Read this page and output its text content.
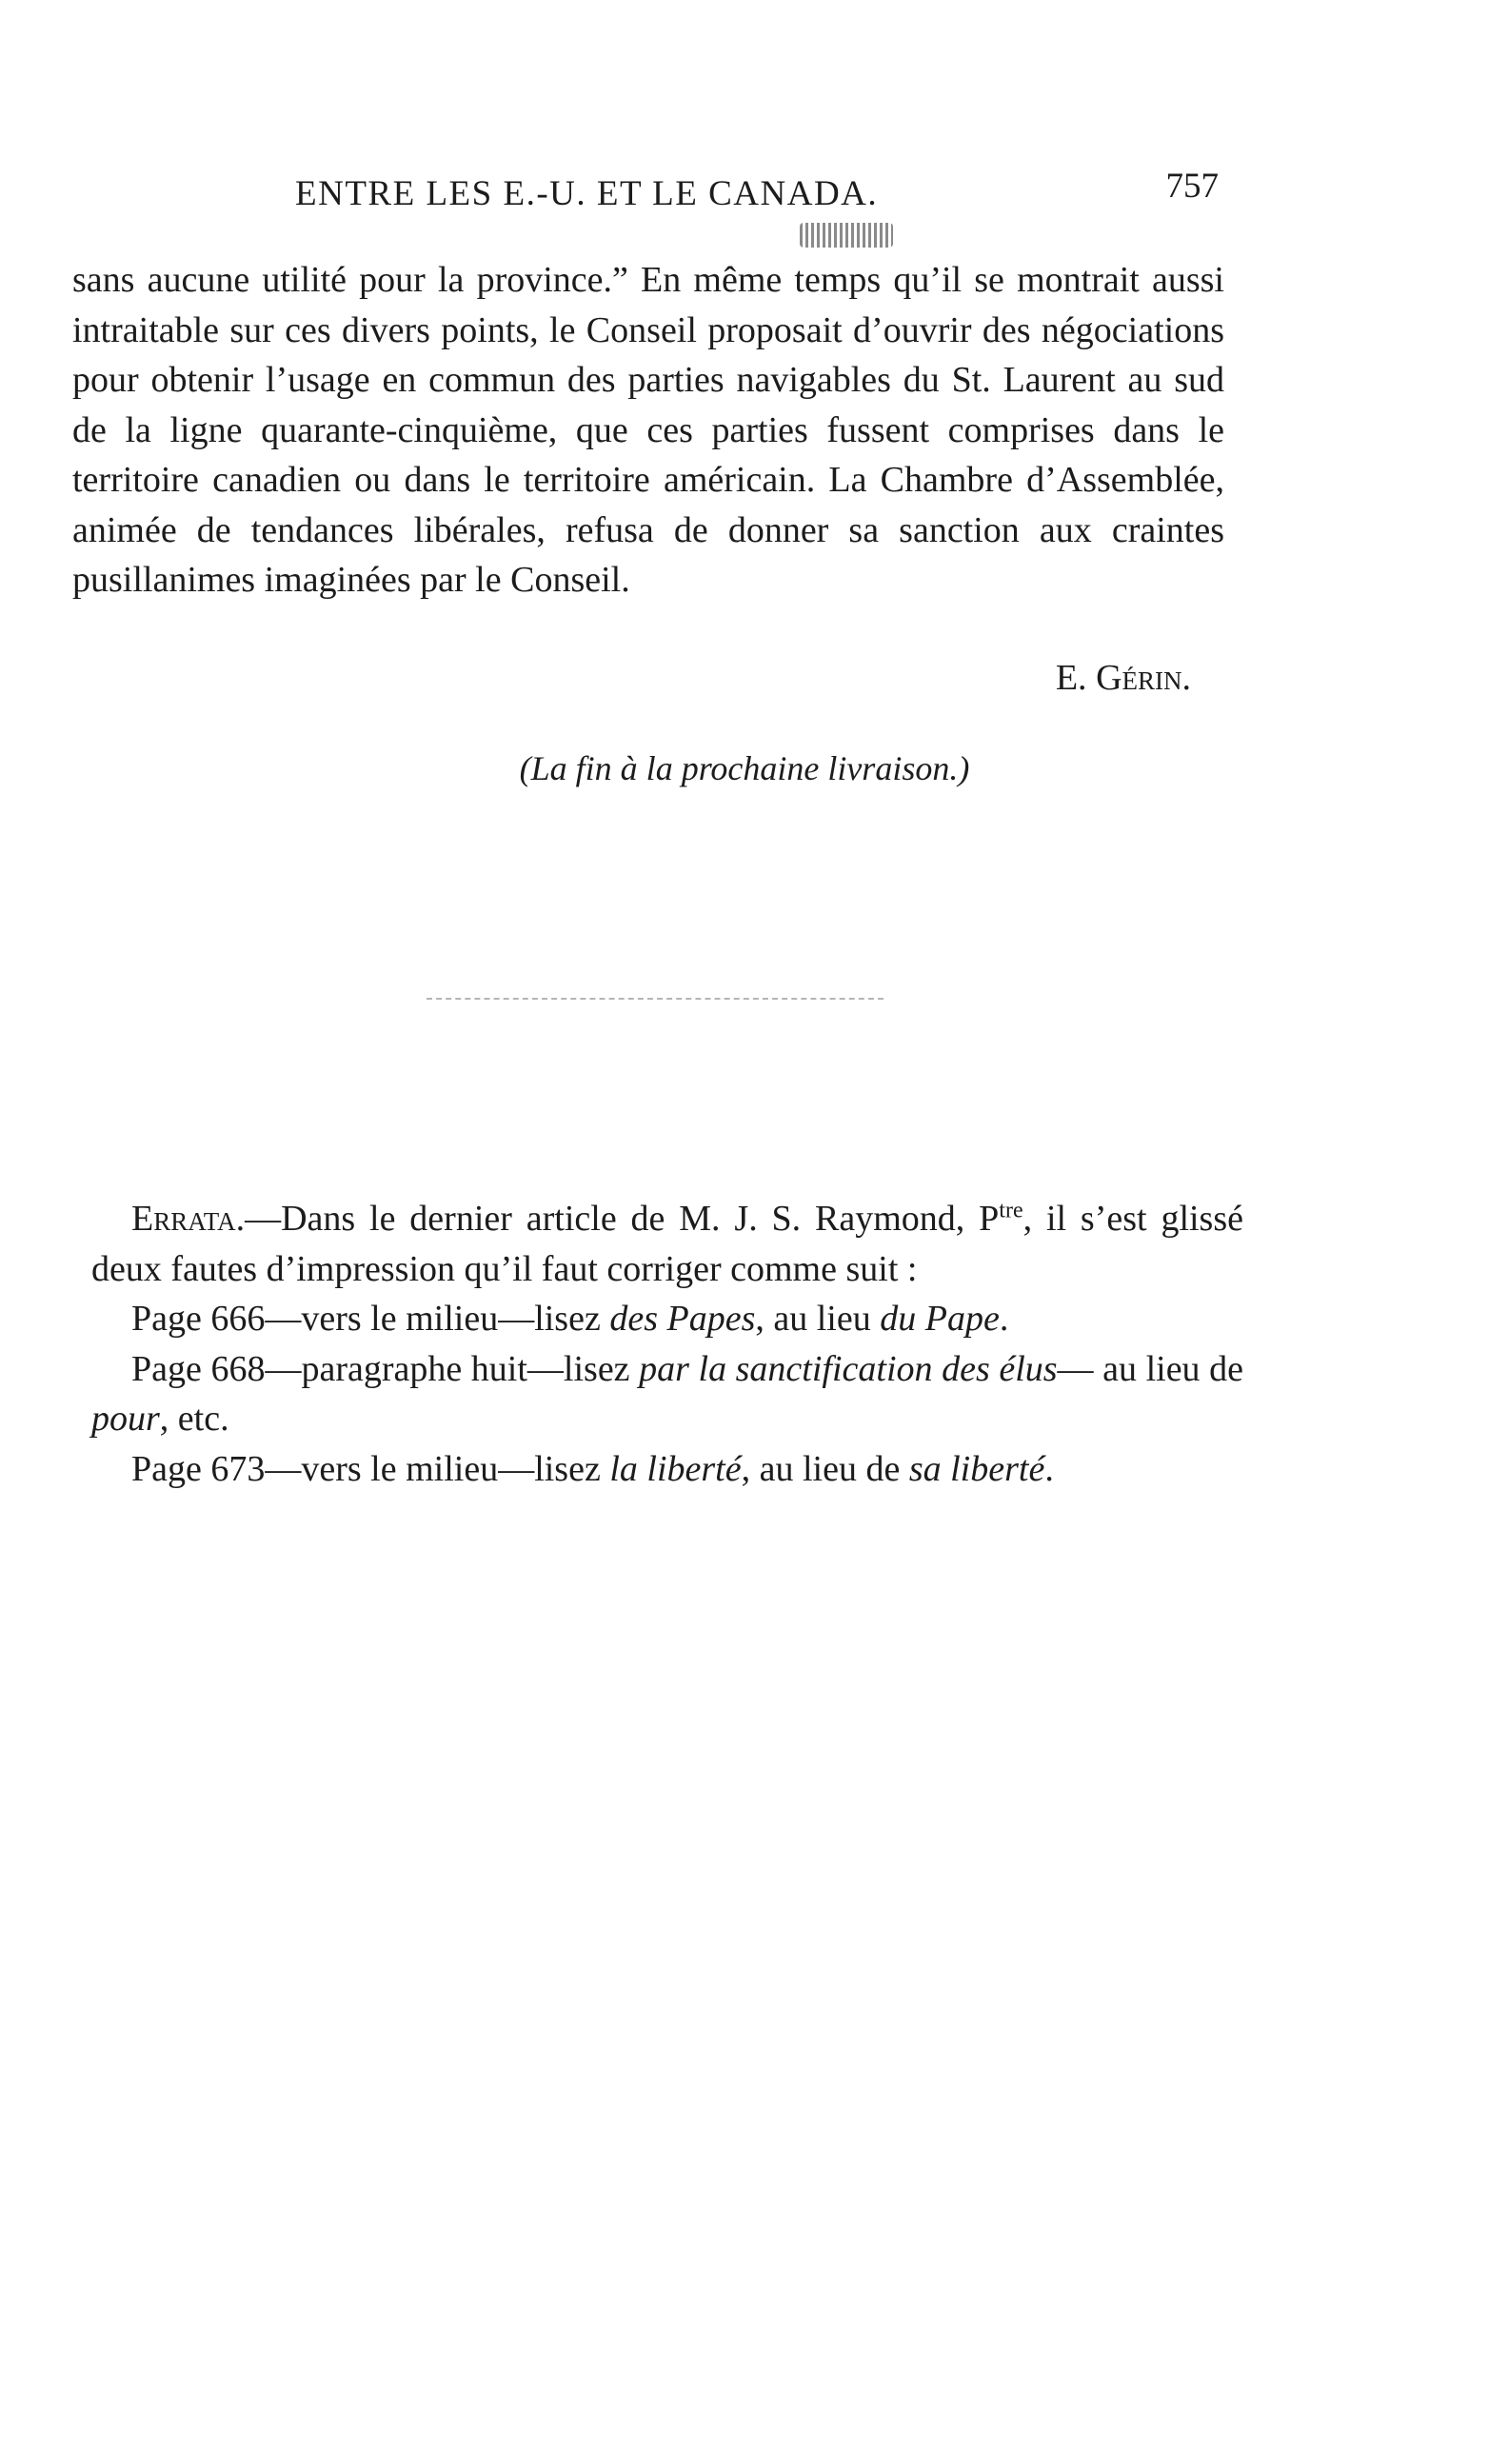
ENTRE LES E.-U. ET LE CANADA.	757

sans aucune utilité pour la province.” En même temps qu’il se montrait aussi intraitable sur ces divers points, le Conseil proposait d’ouvrir des négociations pour obtenir l’usage en commun des parties navigables du St. Laurent au sud de la ligne quarante-cinquième, que ces parties fussent comprises dans le territoire canadien ou dans le territoire américain. La Chambre d’Assemblée, animée de tendances libérales, refusa de donner sa sanction aux craintes pusillanimes imaginées par le Conseil.

E. Gérin.
(La fin à la prochaine livraison.)

Errata.—Dans le dernier article de M. J. S. Raymond, $P^{tre}$, il s’est glissé deux fautes d’impression qu’il faut corriger comme suit :

Page 666—vers le milieu—lisez des Papes, au lieu du Pape.

Page 668—paragraphe huit—lisez par la sanctification des élus— au lieu de pour, etc.

Page 673—vers le milieu—lisez la liberté, au lieu de sa liberté.
